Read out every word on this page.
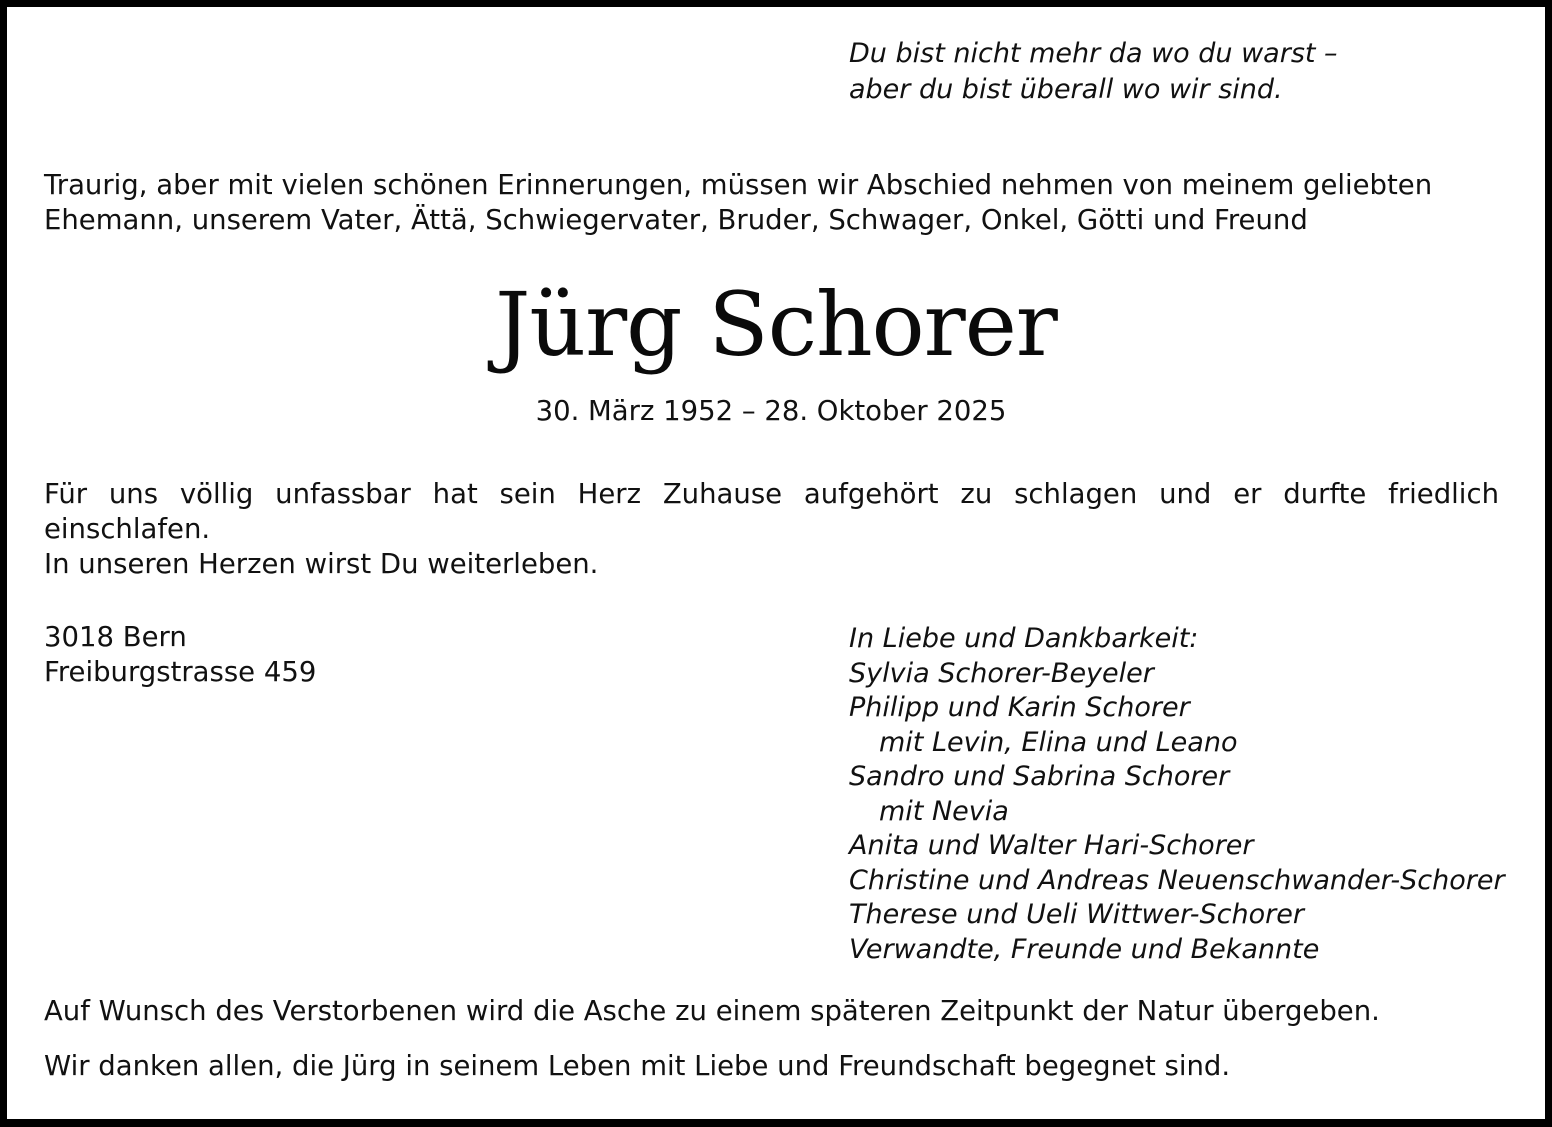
Du bist nicht mehr da wo du warst –
aber du bist überall wo wir sind.
Traurig, aber mit vielen schönen Erinnerungen, müssen wir Abschied nehmen von meinem geliebten
Ehemann, unserem Vater, Ättä, Schwiegervater, Bruder, Schwager, Onkel, Götti und Freund
Jürg Schorer
30. März 1952 – 28. Oktober 2025
Für uns völlig unfassbar hat sein Herz Zuhause aufgehört zu schlagen und er durfte friedlich
einschlafen.
In unseren Herzen wirst Du weiterleben.
3018 Bern
Freiburgstrasse 459
In Liebe und Dankbarkeit:
Sylvia Schorer-Beyeler
Philipp und Karin Schorer
mit Levin, Elina und Leano
Sandro und Sabrina Schorer
mit Nevia
Anita und Walter Hari-Schorer
Christine und Andreas Neuenschwander-Schorer
Therese und Ueli Wittwer-Schorer
Verwandte, Freunde und Bekannte
Auf Wunsch des Verstorbenen wird die Asche zu einem späteren Zeitpunkt der Natur übergeben.
Wir danken allen, die Jürg in seinem Leben mit Liebe und Freundschaft begegnet sind.
